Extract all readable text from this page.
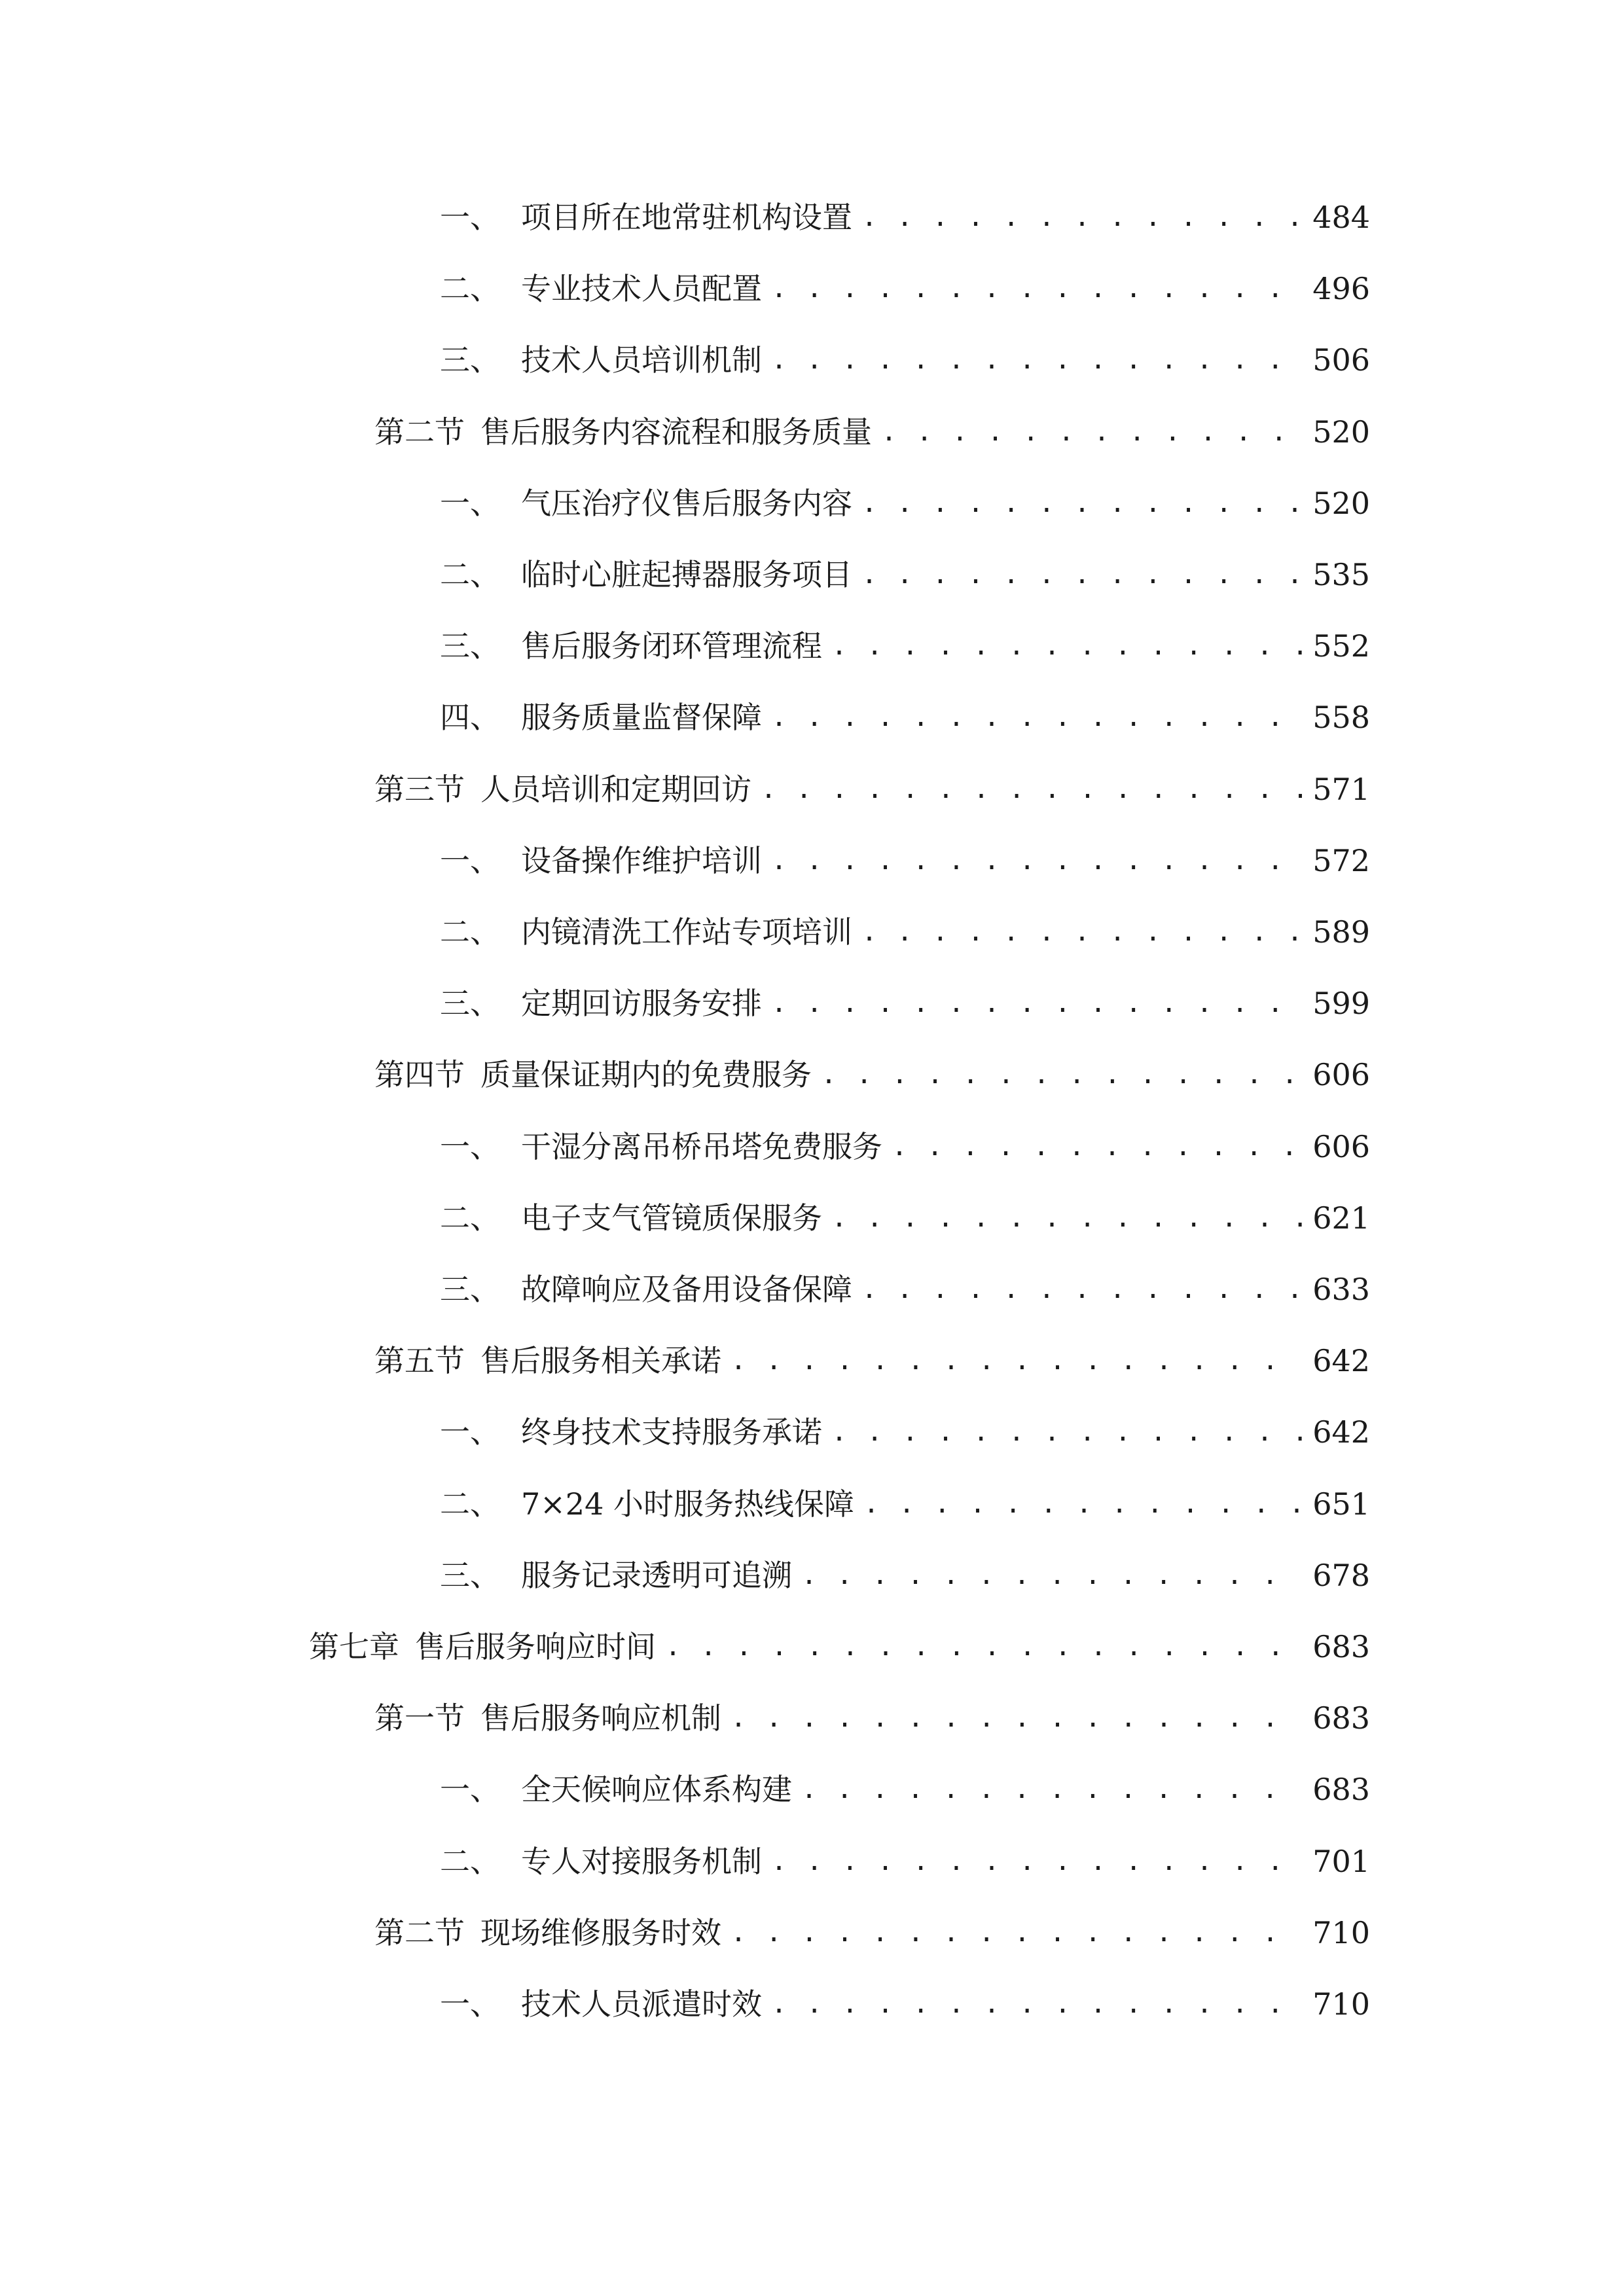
一、 项目所在地常驻机构设置 . . .	484
二、 专业技术人员配置 . . .	496
三、 技术人员培训机制 . . .	506
第二节 售后服务内容流程和服务质量 . . .	520
一、 气压治疗仪售后服务内容 . . .	520
二、 临时心脏起搏器服务项目 . . .	535
三、 售后服务闭环管理流程 . . .	552
四、 服务质量监督保障 . . .	558
第三节 人员培训和定期回访 . . .	571
一、 设备操作维护培训 . . .	572
二、 内镜清洗工作站专项培训 . . .	589
三、 定期回访服务安排 . . .	599
第四节 质量保证期内的免费服务 . . .	606
一、 干湿分离吊桥吊塔免费服务 . . .	606
二、 电子支气管镜质保服务 . . .	621
三、 故障响应及备用设备保障 . . .	633
第五节 售后服务相关承诺 . . .	642
一、 终身技术支持服务承诺 . . .	642
二、 7×24 小时服务热线保障 . . .	651
三、 服务记录透明可追溯 . . .	678
第七章 售后服务响应时间 . . .	683
第一节 售后服务响应机制 . . .	683
一、 全天候响应体系构建 . . .	683
二、 专人对接服务机制 . . .	701
第二节 现场维修服务时效 . . .	710
一、 技术人员派遣时效 . . .	710
